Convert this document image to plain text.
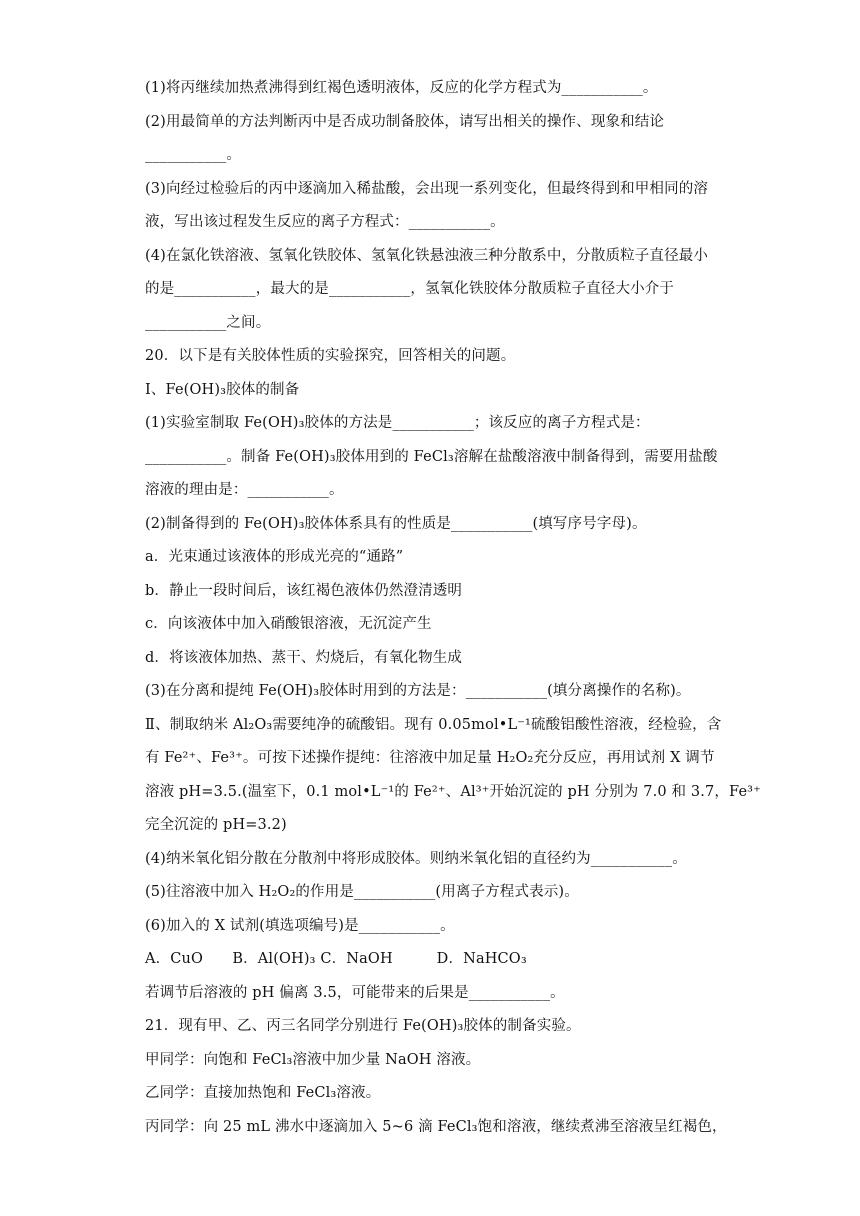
(1)将丙继续加热煮沸得到红褐色透明液体，反应的化学方程式为___________。
(2)用最简单的方法判断丙中是否成功制备胶体，请写出相关的操作、现象和结论
___________。
(3)向经过检验后的丙中逐滴加入稀盐酸，会出现一系列变化，但最终得到和甲相同的溶
液，写出该过程发生反应的离子方程式：___________。
(4)在氯化铁溶液、氢氧化铁胶体、氢氧化铁悬浊液三种分散系中，分散质粒子直径最小
的是___________，最大的是___________，氢氧化铁胶体分散质粒子直径大小介于
___________之间。
20．以下是有关胶体性质的实验探究，回答相关的问题。
Ⅰ、Fe(OH)₃胶体的制备
(1)实验室制取 Fe(OH)₃胶体的方法是___________；该反应的离子方程式是：
___________。制备 Fe(OH)₃胶体用到的 FeCl₃溶解在盐酸溶液中制备得到，需要用盐酸
溶液的理由是：___________。
(2)制备得到的 Fe(OH)₃胶体体系具有的性质是___________(填写序号字母)。
a．光束通过该液体的形成光亮的“通路”
b．静止一段时间后，该红褐色液体仍然澄清透明
c．向该液体中加入硝酸银溶液，无沉淀产生
d．将该液体加热、蒸干、灼烧后，有氧化物生成
(3)在分离和提纯 Fe(OH)₃胶体时用到的方法是：___________(填分离操作的名称)。
Ⅱ、制取纳米 Al₂O₃需要纯净的硫酸铝。现有 0.05mol•L⁻¹硫酸铝酸性溶液，经检验，含
有 Fe²⁺、Fe³⁺。可按下述操作提纯：往溶液中加足量 H₂O₂充分反应，再用试剂 X 调节
溶液 pH=3.5.(温室下，0.1 mol•L⁻¹的 Fe²⁺、Al³⁺开始沉淀的 pH 分别为 7.0 和 3.7，Fe³⁺
完全沉淀的 pH=3.2)
(4)纳米氧化铝分散在分散剂中将形成胶体。则纳米氧化铝的直径约为___________。
(5)往溶液中加入 H₂O₂的作用是___________(用离子方程式表示)。
(6)加入的 X 试剂(填选项编号)是___________。
A．CuO　　B．Al(OH)₃ C．NaOH　　　D．NaHCO₃
若调节后溶液的 pH 偏离 3.5，可能带来的后果是___________。
21．现有甲、乙、丙三名同学分别进行 Fe(OH)₃胶体的制备实验。
甲同学：向饱和 FeCl₃溶液中加少量 NaOH 溶液。
乙同学：直接加热饱和 FeCl₃溶液。
丙同学：向 25 mL 沸水中逐滴加入 5~6 滴 FeCl₃饱和溶液，继续煮沸至溶液呈红褐色，
